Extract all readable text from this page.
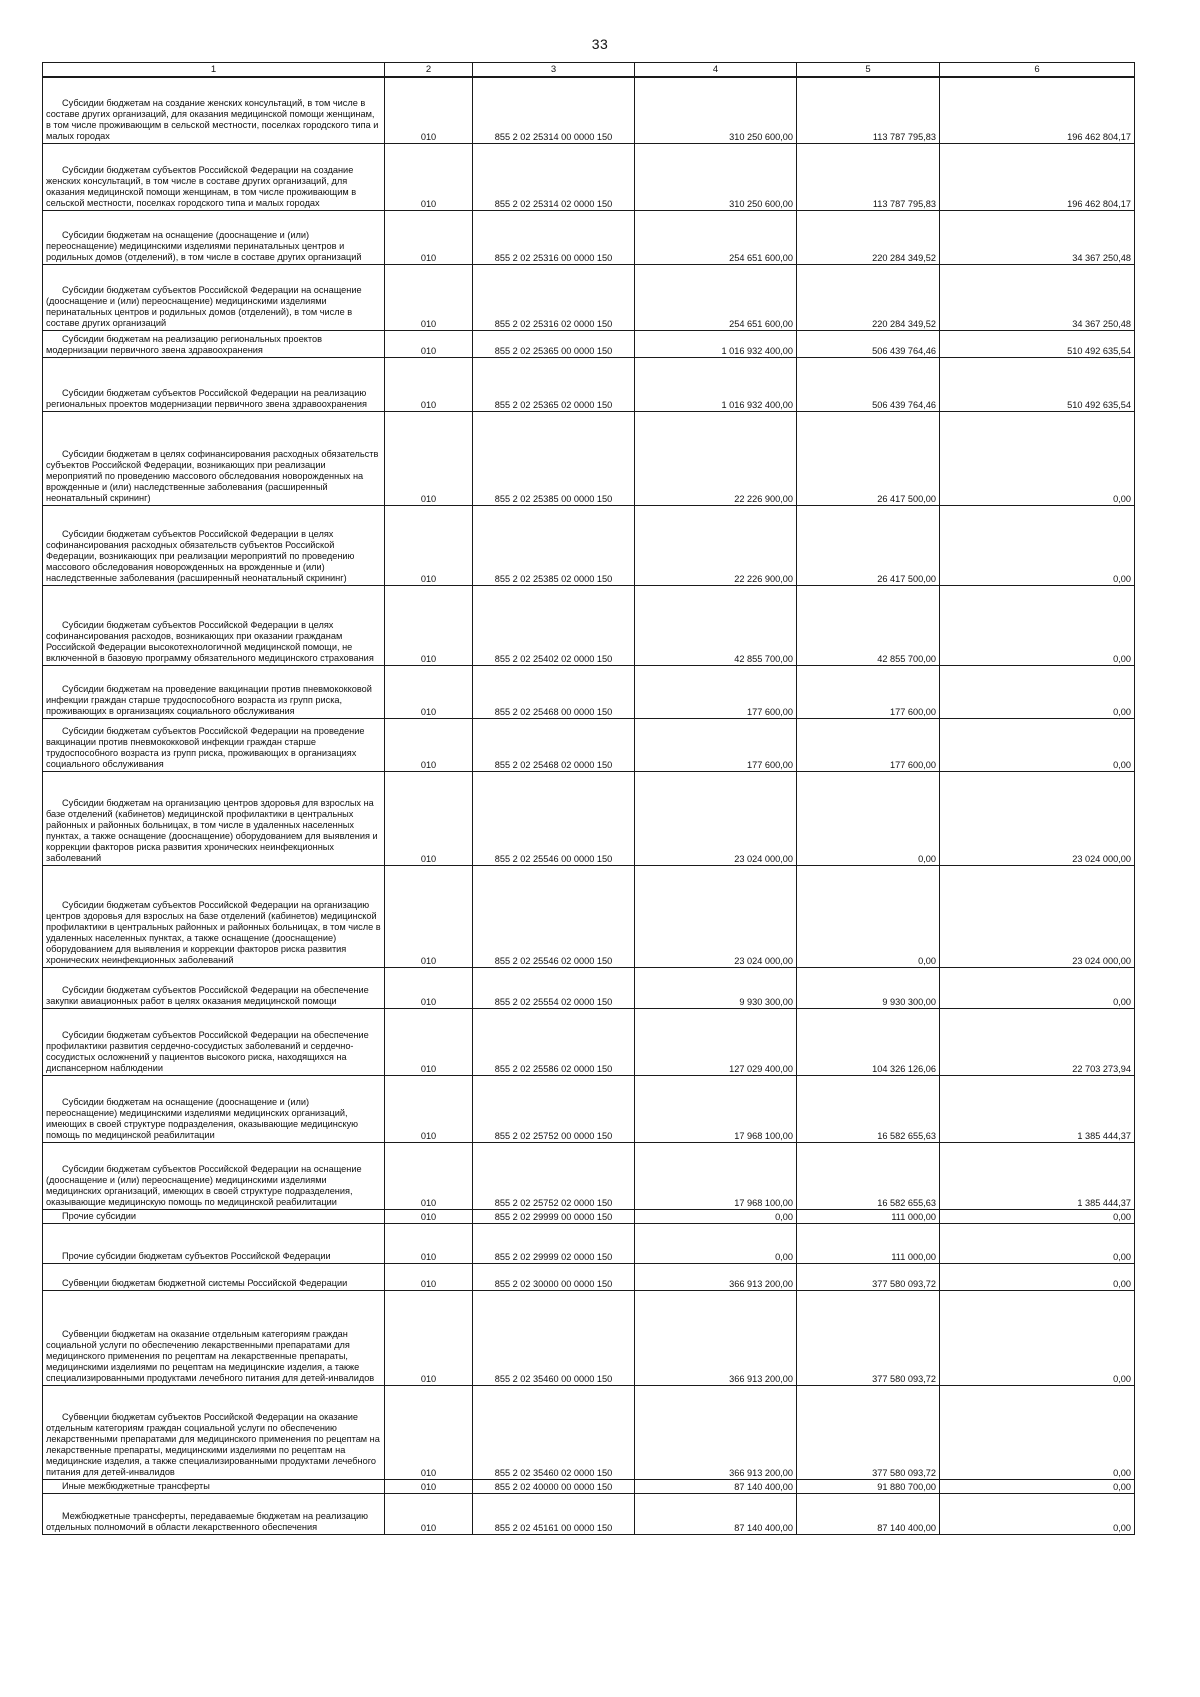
33
1	2	3	4	5	6
Субсидии бюджетам на создание женских консультаций, в том числе в составе других организаций, для оказания медицинской помощи женщинам, в том числе проживающим в сельской местности, поселках городского типа и малых городах	010	855 2 02 25314 00 0000 150	310 250 600,00	113 787 795,83	196 462 804,17
Субсидии бюджетам субъектов Российской Федерации на создание женских консультаций, в том числе в составе других организаций, для оказания медицинской помощи женщинам, в том числе проживающим в сельской местности, поселках городского типа и малых городах	010	855 2 02 25314 02 0000 150	310 250 600,00	113 787 795,83	196 462 804,17
Субсидии бюджетам на оснащение (дооснащение и (или) переоснащение) медицинскими изделиями перинатальных центров и родильных домов (отделений), в том числе в составе других организаций	010	855 2 02 25316 00 0000 150	254 651 600,00	220 284 349,52	34 367 250,48
Субсидии бюджетам субъектов Российской Федерации на оснащение (дооснащение и (или) переоснащение) медицинскими изделиями перинатальных центров и родильных домов (отделений), в том числе в составе других организаций	010	855 2 02 25316 02 0000 150	254 651 600,00	220 284 349,52	34 367 250,48
Субсидии бюджетам на реализацию региональных проектов модернизации первичного звена здравоохранения	010	855 2 02 25365 00 0000 150	1 016 932 400,00	506 439 764,46	510 492 635,54
Субсидии бюджетам субъектов Российской Федерации на реализацию региональных проектов модернизации первичного звена здравоохранения	010	855 2 02 25365 02 0000 150	1 016 932 400,00	506 439 764,46	510 492 635,54
Субсидии бюджетам в целях софинансирования расходных обязательств субъектов Российской Федерации, возникающих при реализации мероприятий по проведению массового обследования новорожденных на врожденные и (или) наследственные заболевания (расширенный неонатальный скрининг)	010	855 2 02 25385 00 0000 150	22 226 900,00	26 417 500,00	0,00
Субсидии бюджетам субъектов Российской Федерации в целях софинансирования расходных обязательств субъектов Российской Федерации, возникающих при реализации мероприятий по проведению массового обследования новорожденных на врожденные и (или) наследственные заболевания (расширенный неонатальный скрининг)	010	855 2 02 25385 02 0000 150	22 226 900,00	26 417 500,00	0,00
Субсидии бюджетам субъектов Российской Федерации в целях софинансирования расходов, возникающих при оказании гражданам Российской Федерации высокотехнологичной медицинской помощи, не включенной в базовую программу обязательного медицинского страхования	010	855 2 02 25402 02 0000 150	42 855 700,00	42 855 700,00	0,00
Субсидии бюджетам на проведение вакцинации против пневмококковой инфекции граждан старше трудоспособного возраста из групп риска, проживающих в организациях социального обслуживания	010	855 2 02 25468 00 0000 150	177 600,00	177 600,00	0,00
Субсидии бюджетам субъектов Российской Федерации на проведение вакцинации против пневмококковой инфекции граждан старше трудоспособного возраста из групп риска, проживающих в организациях социального обслуживания	010	855 2 02 25468 02 0000 150	177 600,00	177 600,00	0,00
Субсидии бюджетам на организацию центров здоровья для взрослых на базе отделений (кабинетов) медицинской профилактики в центральных районных и районных больницах, в том числе в удаленных населенных пунктах, а также оснащение (дооснащение) оборудованием для выявления и коррекции факторов риска развития хронических неинфекционных заболеваний	010	855 2 02 25546 00 0000 150	23 024 000,00	0,00	23 024 000,00
Субсидии бюджетам субъектов Российской Федерации на организацию центров здоровья для взрослых на базе отделений (кабинетов) медицинской профилактики в центральных районных и районных больницах, в том числе в удаленных населенных пунктах, а также оснащение (дооснащение) оборудованием для выявления и коррекции факторов риска развития хронических неинфекционных заболеваний	010	855 2 02 25546 02 0000 150	23 024 000,00	0,00	23 024 000,00
Субсидии бюджетам субъектов Российской Федерации на обеспечение закупки авиационных работ в целях оказания медицинской помощи	010	855 2 02 25554 02 0000 150	9 930 300,00	9 930 300,00	0,00
Субсидии бюджетам субъектов Российской Федерации на обеспечение профилактики развития сердечно-сосудистых заболеваний и сердечно-сосудистых осложнений у пациентов высокого риска, находящихся на диспансерном наблюдении	010	855 2 02 25586 02 0000 150	127 029 400,00	104 326 126,06	22 703 273,94
Субсидии бюджетам на оснащение (дооснащение и (или) переоснащение) медицинскими изделиями медицинских организаций, имеющих в своей структуре подразделения, оказывающие медицинскую помощь по медицинской реабилитации	010	855 2 02 25752 00 0000 150	17 968 100,00	16 582 655,63	1 385 444,37
Субсидии бюджетам субъектов Российской Федерации на оснащение (дооснащение и (или) переоснащение) медицинскими изделиями медицинских организаций, имеющих в своей структуре подразделения, оказывающие медицинскую помощь по медицинской реабилитации	010	855 2 02 25752 02 0000 150	17 968 100,00	16 582 655,63	1 385 444,37
Прочие субсидии	010	855 2 02 29999 00 0000 150	0,00	111 000,00	0,00
Прочие субсидии бюджетам субъектов Российской Федерации	010	855 2 02 29999 02 0000 150	0,00	111 000,00	0,00
Субвенции бюджетам бюджетной системы Российской Федерации	010	855 2 02 30000 00 0000 150	366 913 200,00	377 580 093,72	0,00
Субвенции бюджетам на оказание отдельным категориям граждан социальной услуги по обеспечению лекарственными препаратами для медицинского применения по рецептам на лекарственные препараты, медицинскими изделиями по рецептам на медицинские изделия, а также специализированными продуктами лечебного питания для детей-инвалидов	010	855 2 02 35460 00 0000 150	366 913 200,00	377 580 093,72	0,00
Субвенции бюджетам субъектов Российской Федерации на оказание отдельным категориям граждан социальной услуги по обеспечению лекарственными препаратами для медицинского применения по рецептам на лекарственные препараты, медицинскими изделиями по рецептам на медицинские изделия, а также специализированными продуктами лечебного питания для детей-инвалидов	010	855 2 02 35460 02 0000 150	366 913 200,00	377 580 093,72	0,00
Иные межбюджетные трансферты	010	855 2 02 40000 00 0000 150	87 140 400,00	91 880 700,00	0,00
Межбюджетные трансферты, передаваемые бюджетам на реализацию отдельных полномочий в области лекарственного обеспечения	010	855 2 02 45161 00 0000 150	87 140 400,00	87 140 400,00	0,00
